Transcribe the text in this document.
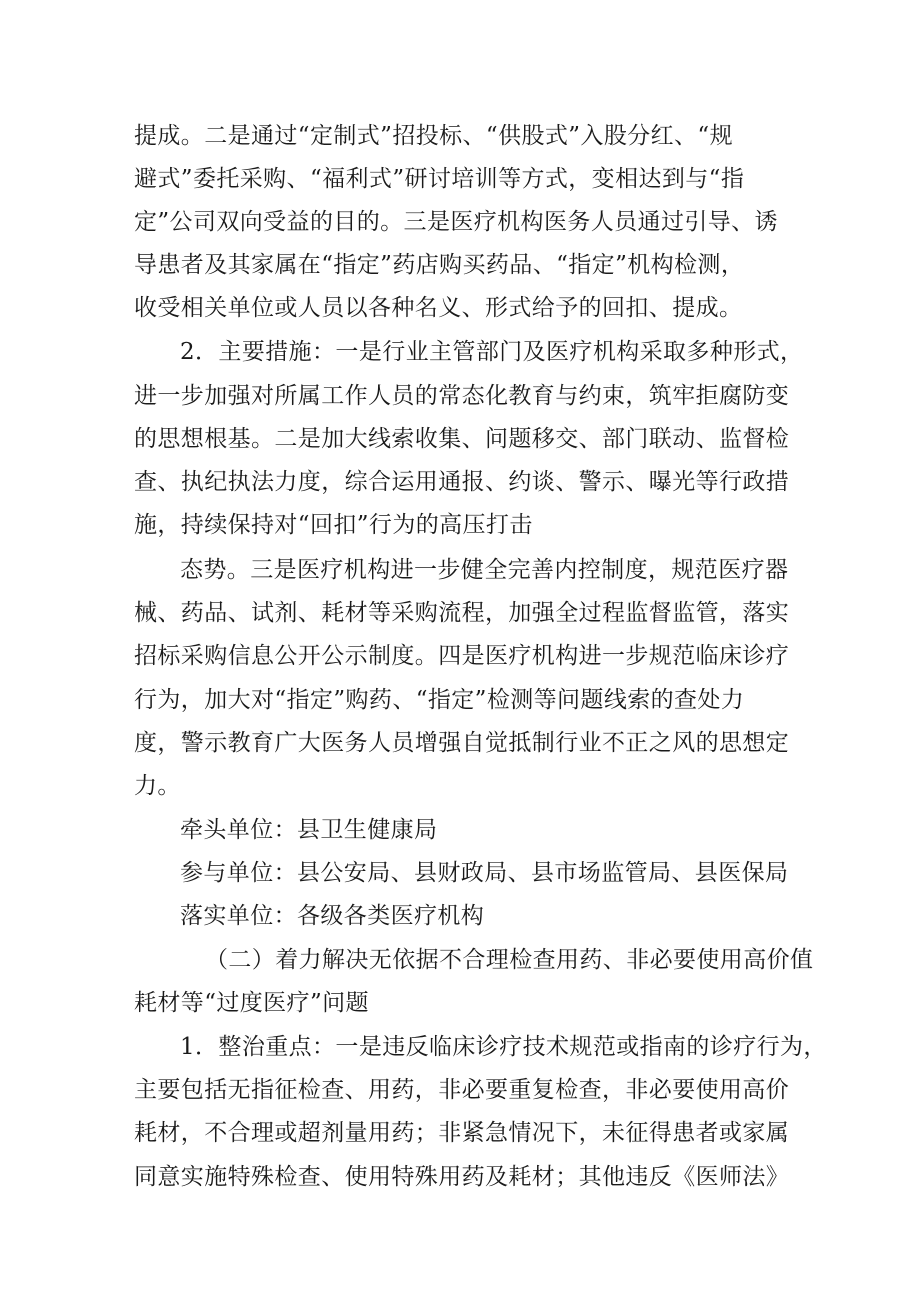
提成。二是通过“定制式”招投标、“供股式”入股分红、“规
避式”委托采购、“福利式”研讨培训等方式，变相达到与“指
定”公司双向受益的目的。三是医疗机构医务人员通过引导、诱
导患者及其家属在“指定”药店购买药品、“指定”机构检测，
收受相关单位或人员以各种名义、形式给予的回扣、提成。
2．主要措施：一是行业主管部门及医疗机构采取多种形式，
进一步加强对所属工作人员的常态化教育与约束，筑牢拒腐防变
的思想根基。二是加大线索收集、问题移交、部门联动、监督检
查、执纪执法力度，综合运用通报、约谈、警示、曝光等行政措
施，持续保持对“回扣”行为的高压打击
态势。三是医疗机构进一步健全完善内控制度，规范医疗器
械、药品、试剂、耗材等采购流程，加强全过程监督监管，落实
招标采购信息公开公示制度。四是医疗机构进一步规范临床诊疗
行为，加大对“指定”购药、“指定”检测等问题线索的查处力
度，警示教育广大医务人员增强自觉抵制行业不正之风的思想定
力。
牵头单位：县卫生健康局
参与单位：县公安局、县财政局、县市场监管局、县医保局
落实单位：各级各类医疗机构
（二）着力解决无依据不合理检查用药、非必要使用高价值
耗材等“过度医疗”问题
1．整治重点：一是违反临床诊疗技术规范或指南的诊疗行为，
主要包括无指征检查、用药，非必要重复检查，非必要使用高价
耗材，不合理或超剂量用药；非紧急情况下，未征得患者或家属
同意实施特殊检查、使用特殊用药及耗材；其他违反《医师法》
